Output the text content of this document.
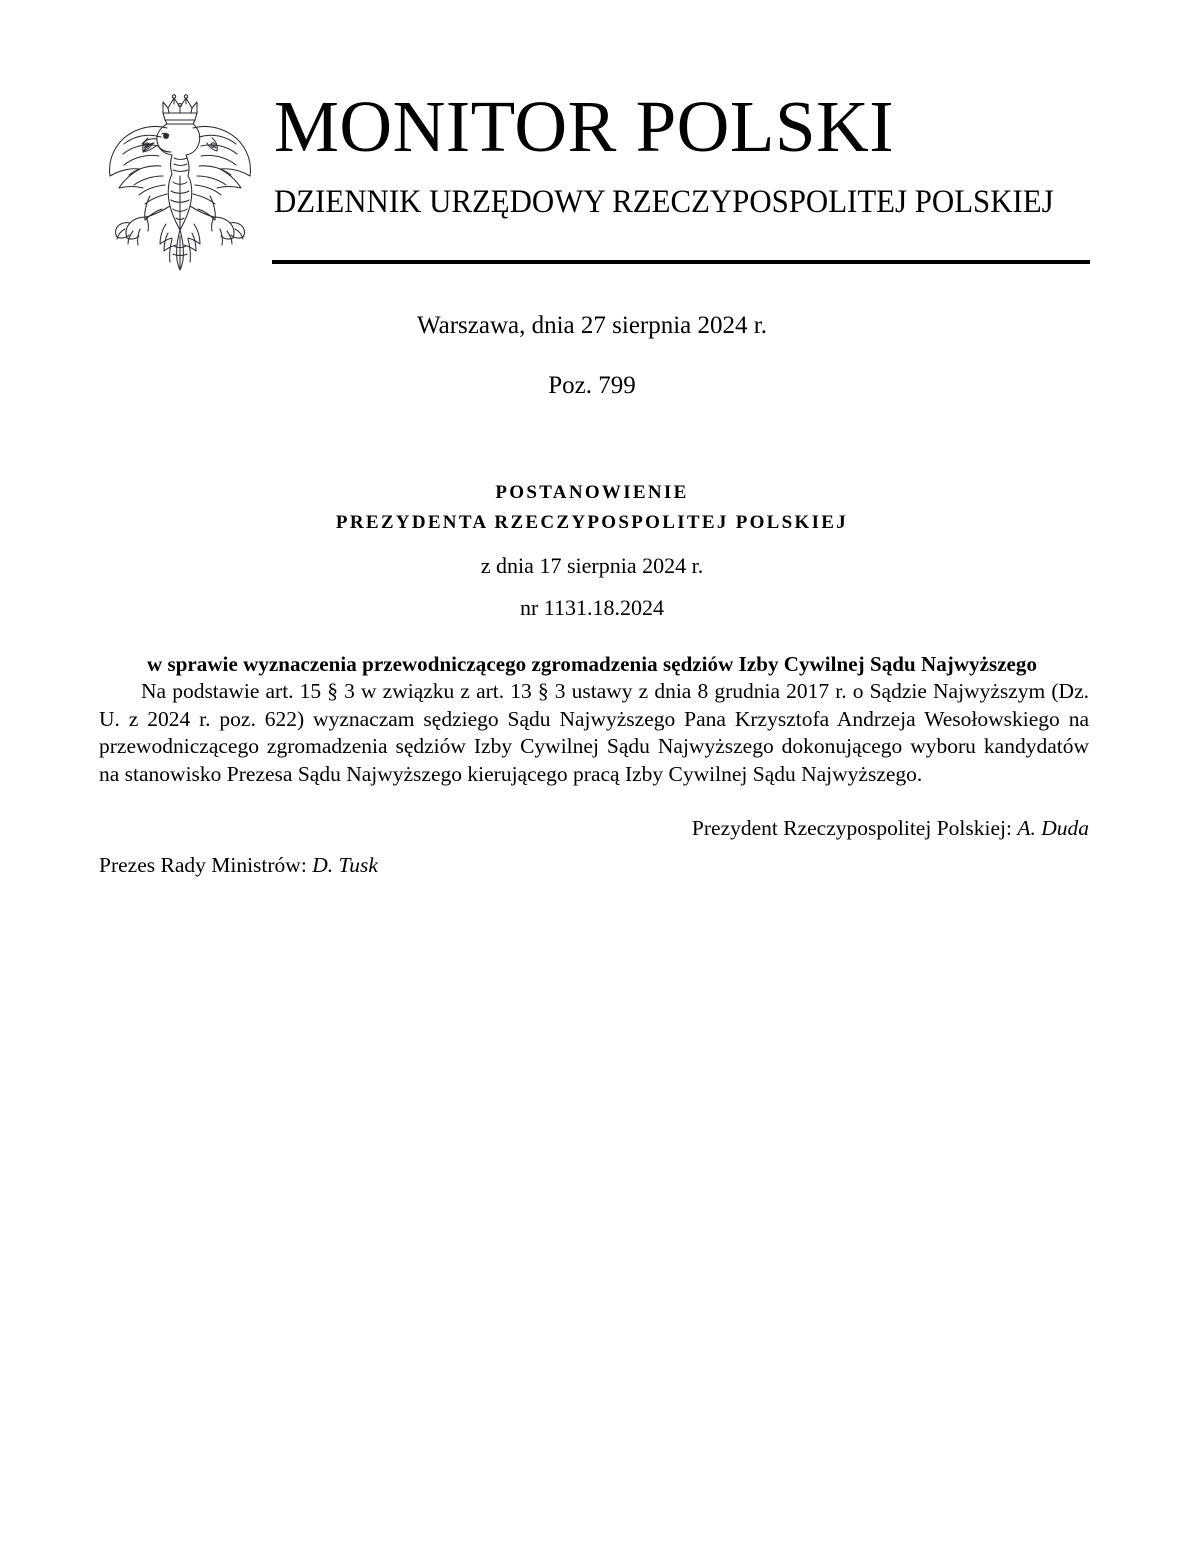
MONITOR POLSKI
DZIENNIK URZĘDOWY RZECZYPOSPOLITEJ POLSKIEJ
Warszawa, dnia 27 sierpnia 2024 r.
Poz. 799
POSTANOWIENIE
PREZYDENTA RZECZYPOSPOLITEJ POLSKIEJ
z dnia 17 sierpnia 2024 r.
nr 1131.18.2024
w sprawie wyznaczenia przewodniczącego zgromadzenia sędziów Izby Cywilnej Sądu Najwyższego

Na podstawie art. 15 § 3 w związku z art. 13 § 3 ustawy z dnia 8 grudnia 2017 r. o Sądzie Najwyższym (Dz. U. z 2024 r. poz. 622) wyznaczam sędziego Sądu Najwyższego Pana Krzysztofa Andrzeja Wesołowskiego na przewodniczącego zgromadzenia sędziów Izby Cywilnej Sądu Najwyższego dokonującego wyboru kandydatów na stanowisko Prezesa Sądu Najwyższego kierującego pracą Izby Cywilnej Sądu Najwyższego.

Prezydent Rzeczypospolitej Polskiej: A. Duda
Prezes Rady Ministrów: D. Tusk
